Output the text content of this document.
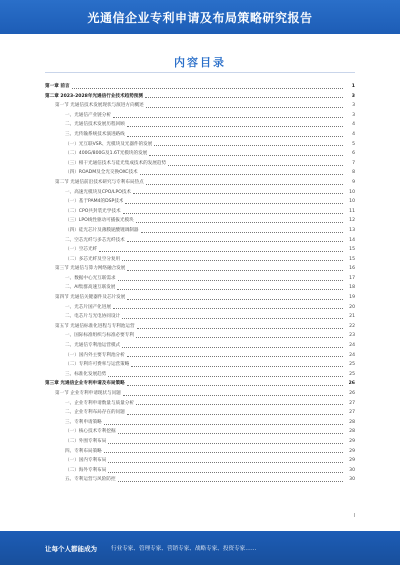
光通信企业专利申请及布局策略研究报告
内容目录
第一章 前言	1
第二章 2023-2028年光通信行业技术趋势预测	3
第一节 光通信技术发展现状与演进方向概述	3
一、光通信产业链分析	3
二、光通信技术发展历程回顾	4
三、光传输系统技术演进路线	4
（一）光互联VSR、光模块及光器件的发展	5
（二）400G/800G及1.6T光模块的发展	6
（三）相干光通信技术与硅光集成技术的发展趋势	7
（四）ROADM及全光交换OXC技术	8
第二节 光通信前沿技术研究与专利布局热点	9
一、高速光模块及CPO/LPO技术	10
（一）基于PAM4的DSP技术	10
（二）CPO共封装光学技术	11
（三）LPO线性驱动可插拔光模块	12
（四）硅光芯片及薄膜铌酸锂调制器	13
二、空芯光纤与多芯光纤技术	14
（一）空芯光纤	15
（二）多芯光纤及空分复用	15
第三节 光通信与算力网络融合发展	16
一、数据中心光互联需求	17
二、AI集群高速互联发展	18
第四节 光通信关键器件及芯片发展	19
一、光芯片国产化进展	20
二、电芯片与光电协同设计	21
第五节 光通信标准化进程与专利池运营	22
一、国际标准组织与标准必要专利	23
二、光通信专利池运营模式	24
（一）国内外主要专利池分析	24
（二）专利许可费率与运营策略	25
三、标准化发展趋势	25
第三章 光通信企业专利申请及布局策略	26
第一节 企业专利申请现状与问题	26
一、企业专利申请数量与质量分析	27
二、企业专利布局存在的问题	27
三、专利申请策略	28
（一）核心技术专利挖掘	28
（二）外围专利布局	29
四、专利布局策略	29
（一）国内专利布局	29
（二）海外专利布局	30
五、专利运营与风险防控	30
I
让每个人都能成为	行业专家、管理专家、营销专家、战略专家、投资专家……
